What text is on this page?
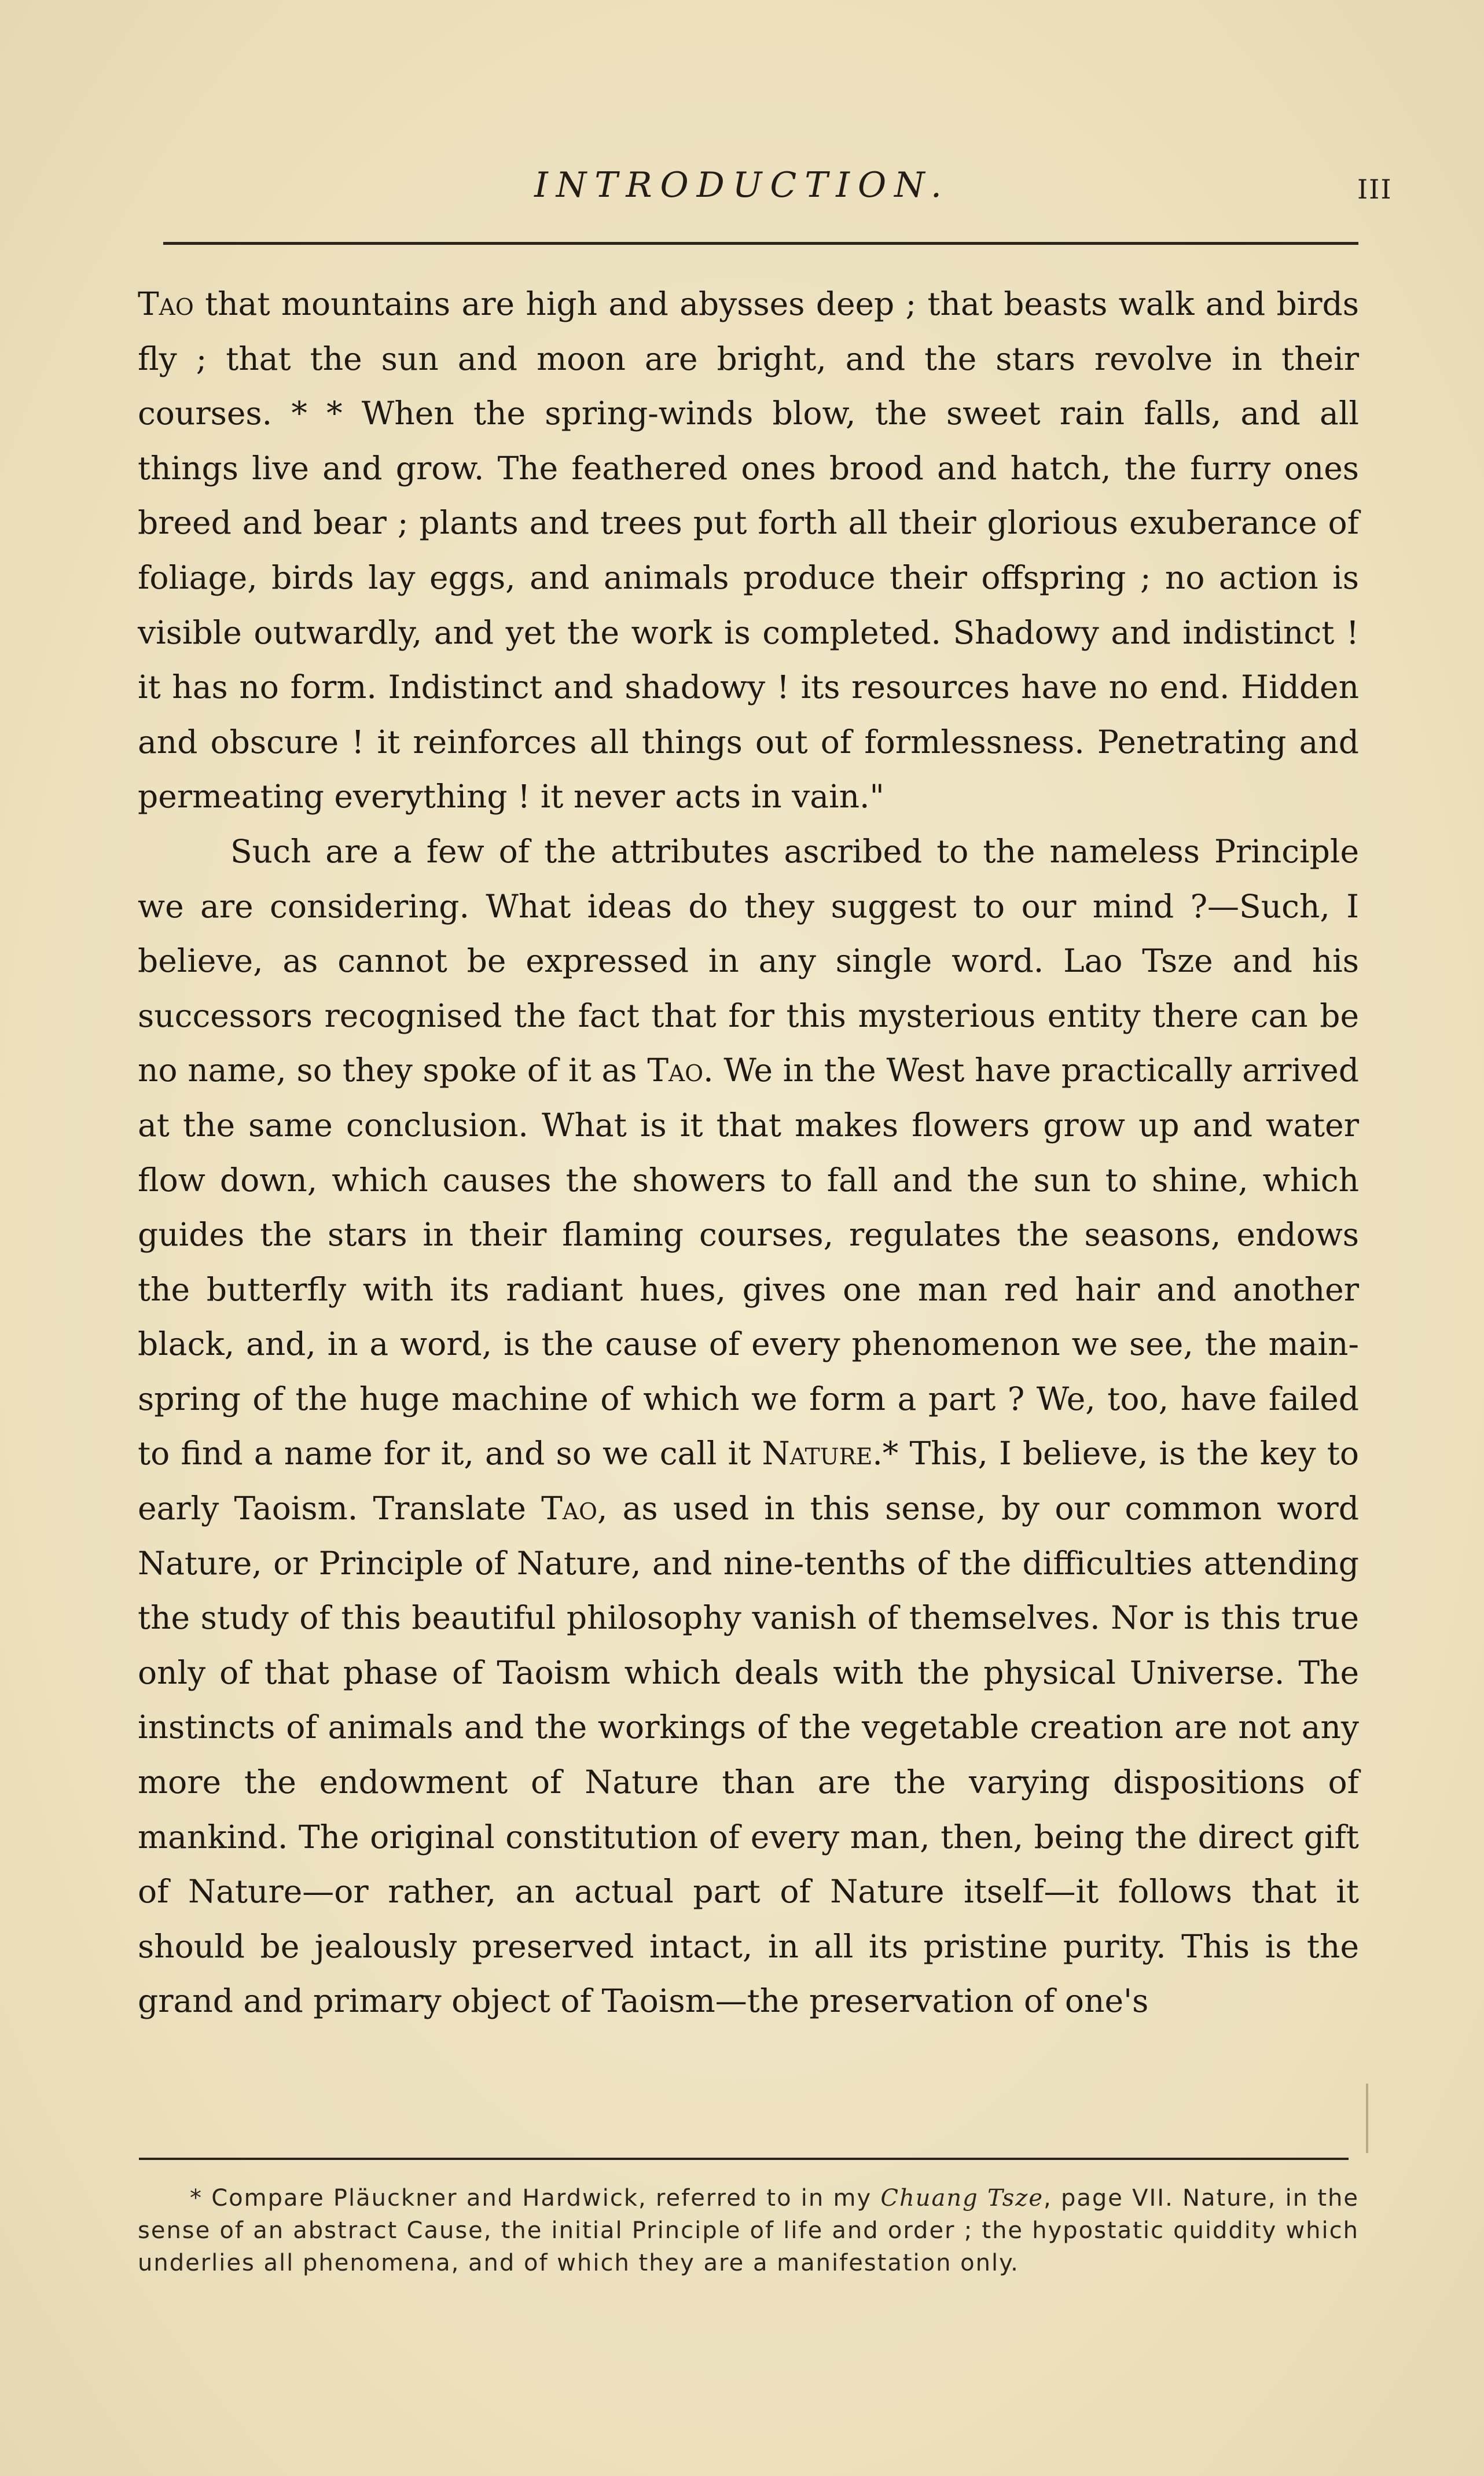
INTRODUCTION.	III

Tao that mountains are high and abysses deep ; that beasts walk and birds fly ; that the sun and moon are bright, and the stars revolve in their courses. * * When the spring-winds blow, the sweet rain falls, and all things live and grow. The feathered ones brood and hatch, the furry ones breed and bear ; plants and trees put forth all their glorious exuberance of foliage, birds lay eggs, and animals produce their offspring ; no action is visible outwardly, and yet the work is completed. Shadowy and indistinct ! it has no form. Indistinct and shadowy ! its resources have no end. Hidden and obscure ! it reinforces all things out of formlessness. Penetrating and permeating everything ! it never acts in vain."

Such are a few of the attributes ascribed to the nameless Principle we are considering. What ideas do they suggest to our mind ?—Such, I believe, as cannot be expressed in any single word. Lao Tsze and his successors recognised the fact that for this mysterious entity there can be no name, so they spoke of it as Tao. We in the West have practically arrived at the same conclusion. What is it that makes flowers grow up and water flow down, which causes the showers to fall and the sun to shine, which guides the stars in their flaming courses, regulates the seasons, endows the butterfly with its radiant hues, gives one man red hair and another black, and, in a word, is the cause of every phenomenon we see, the main-spring of the huge machine of which we form a part ? We, too, have failed to find a name for it, and so we call it Nature.* This, I believe, is the key to early Taoism. Translate Tao, as used in this sense, by our common word Nature, or Principle of Nature, and nine-tenths of the difficulties attending the study of this beautiful philosophy vanish of themselves. Nor is this true only of that phase of Taoism which deals with the physical Universe. The instincts of animals and the workings of the vegetable creation are not any more the endowment of Nature than are the varying dispositions of mankind. The original constitution of every man, then, being the direct gift of Nature—or rather, an actual part of Nature itself—it follows that it should be jealously preserved intact, in all its pristine purity. This is the grand and primary object of Taoism—the preservation of one's

* Compare Pläuckner and Hardwick, referred to in my Chuang Tsze, page VII. Nature, in the sense of an abstract Cause, the initial Principle of life and order ; the hypostatic quiddity which underlies all phenomena, and of which they are a manifestation only.
